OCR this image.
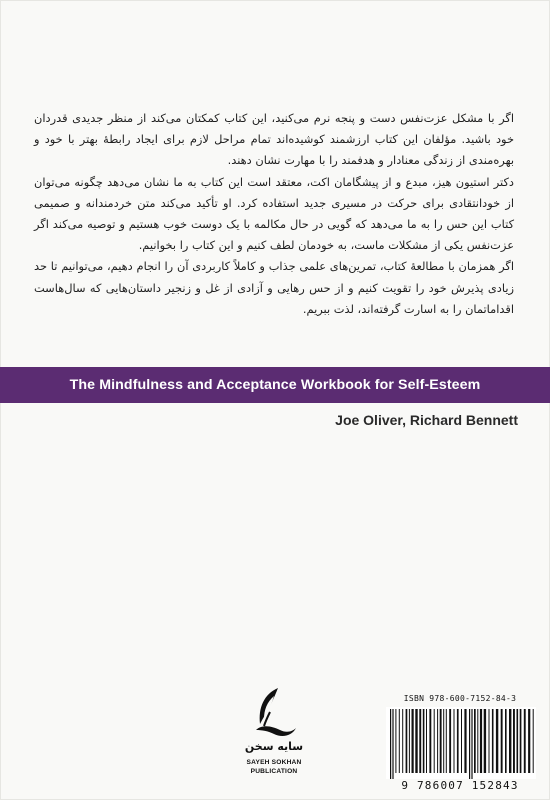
اگر با مشکل عزت‌نفس دست و پنجه نرم می‌کنید، این کتاب کمکتان می‌کند از منظر جدیدی قدردان خود باشید. مؤلفان این کتاب ارزشمند کوشیده‌اند تمام مراحل لازم برای ایجاد رابطهٔ بهتر با خود و بهره‌مندی از زندگی معنادار و هدفمند را با مهارت نشان دهند.

دکتر استیون هیز، مبدع و از پیشگامان اکت، معتقد است این کتاب به ما نشان می‌دهد چگونه می‌توان از خودانتقادی برای حرکت در مسیری جدید استفاده کرد. او تأکید می‌کند متن خردمندانه و صمیمی کتاب این حس را به ما می‌دهد که گویی در حال مکالمه با یک دوست خوب هستیم و توصیه می‌کند اگر عزت‌نفس یکی از مشکلات ماست، به خودمان لطف کنیم و این کتاب را بخوانیم.

اگر همزمان با مطالعهٔ کتاب، تمرین‌های علمی جذاب و کاملاً کاربردی آن را انجام دهیم، می‌توانیم تا حد زیادی پذیرش خود را تقویت کنیم و از حس رهایی و آزادی از غل و زنجیر داستان‌هایی که سال‌هاست اقداماتمان را به اسارت گرفته‌اند، لذت ببریم.

The Mindfulness and Acceptance Workbook for Self-Esteem
Joe Oliver, Richard Bennett
سایه سخن
SAYEH SOKHAN
PUBLICATION
ISBN 978-600-7152-84-3
9 786007 152843
